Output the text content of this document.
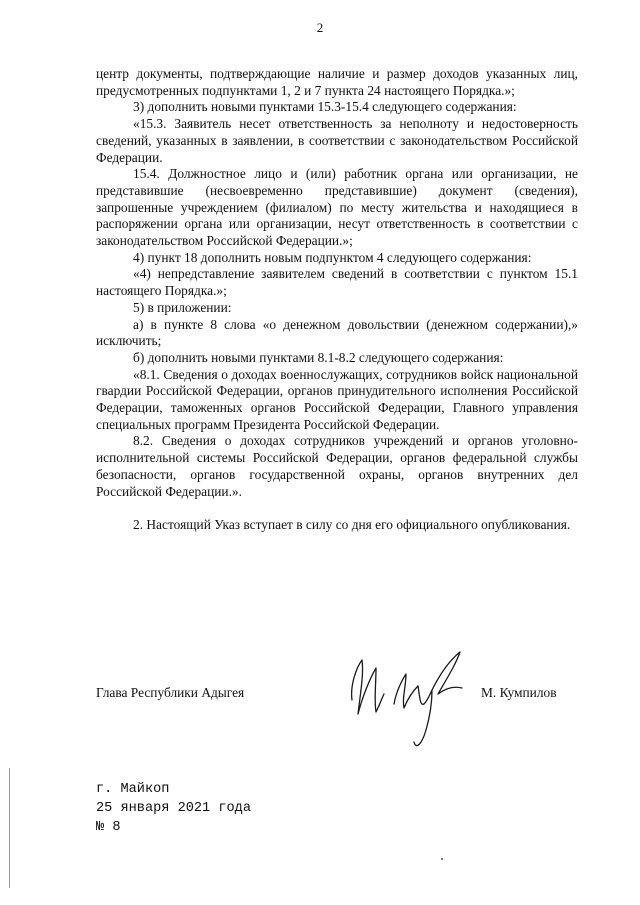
2

центр документы, подтверждающие наличие и размер доходов указанных лиц, предусмотренных подпунктами 1, 2 и 7 пункта 24 настоящего Порядка.»;

3) дополнить новыми пунктами 15.3-15.4 следующего содержания:

«15.3. Заявитель несет ответственность за неполноту и недостоверность сведений, указанных в заявлении, в соответствии с законодательством Российской Федерации.

15.4. Должностное лицо и (или) работник органа или организации, не представившие (несвоевременно представившие) документ (сведения), запрошенные учреждением (филиалом) по месту жительства и находящиеся в распоряжении органа или организации, несут ответственность в соответствии с законодательством Российской Федерации.»;

4) пункт 18 дополнить новым подпунктом 4 следующего содержания:

«4) непредставление заявителем сведений в соответствии с пунктом 15.1 настоящего Порядка.»;

5) в приложении:

а) в пункте 8 слова «о денежном довольствии (денежном содержании),» исключить;

б) дополнить новыми пунктами 8.1-8.2 следующего содержания:

«8.1. Сведения о доходах военнослужащих, сотрудников войск национальной гвардии Российской Федерации, органов принудительного исполнения Российской Федерации, таможенных органов Российской Федерации, Главного управления специальных программ Президента Российской Федерации.

8.2. Сведения о доходах сотрудников учреждений и органов уголовно-исполнительной системы Российской Федерации, органов федеральной службы безопасности, органов государственной охраны, органов внутренних дел Российской Федерации.».

2. Настоящий Указ вступает в силу со дня его официального опубликования.

Глава Республики Адыгея	М. Кумпилов
г. Майкоп
25 января 2021 года
№ 8
